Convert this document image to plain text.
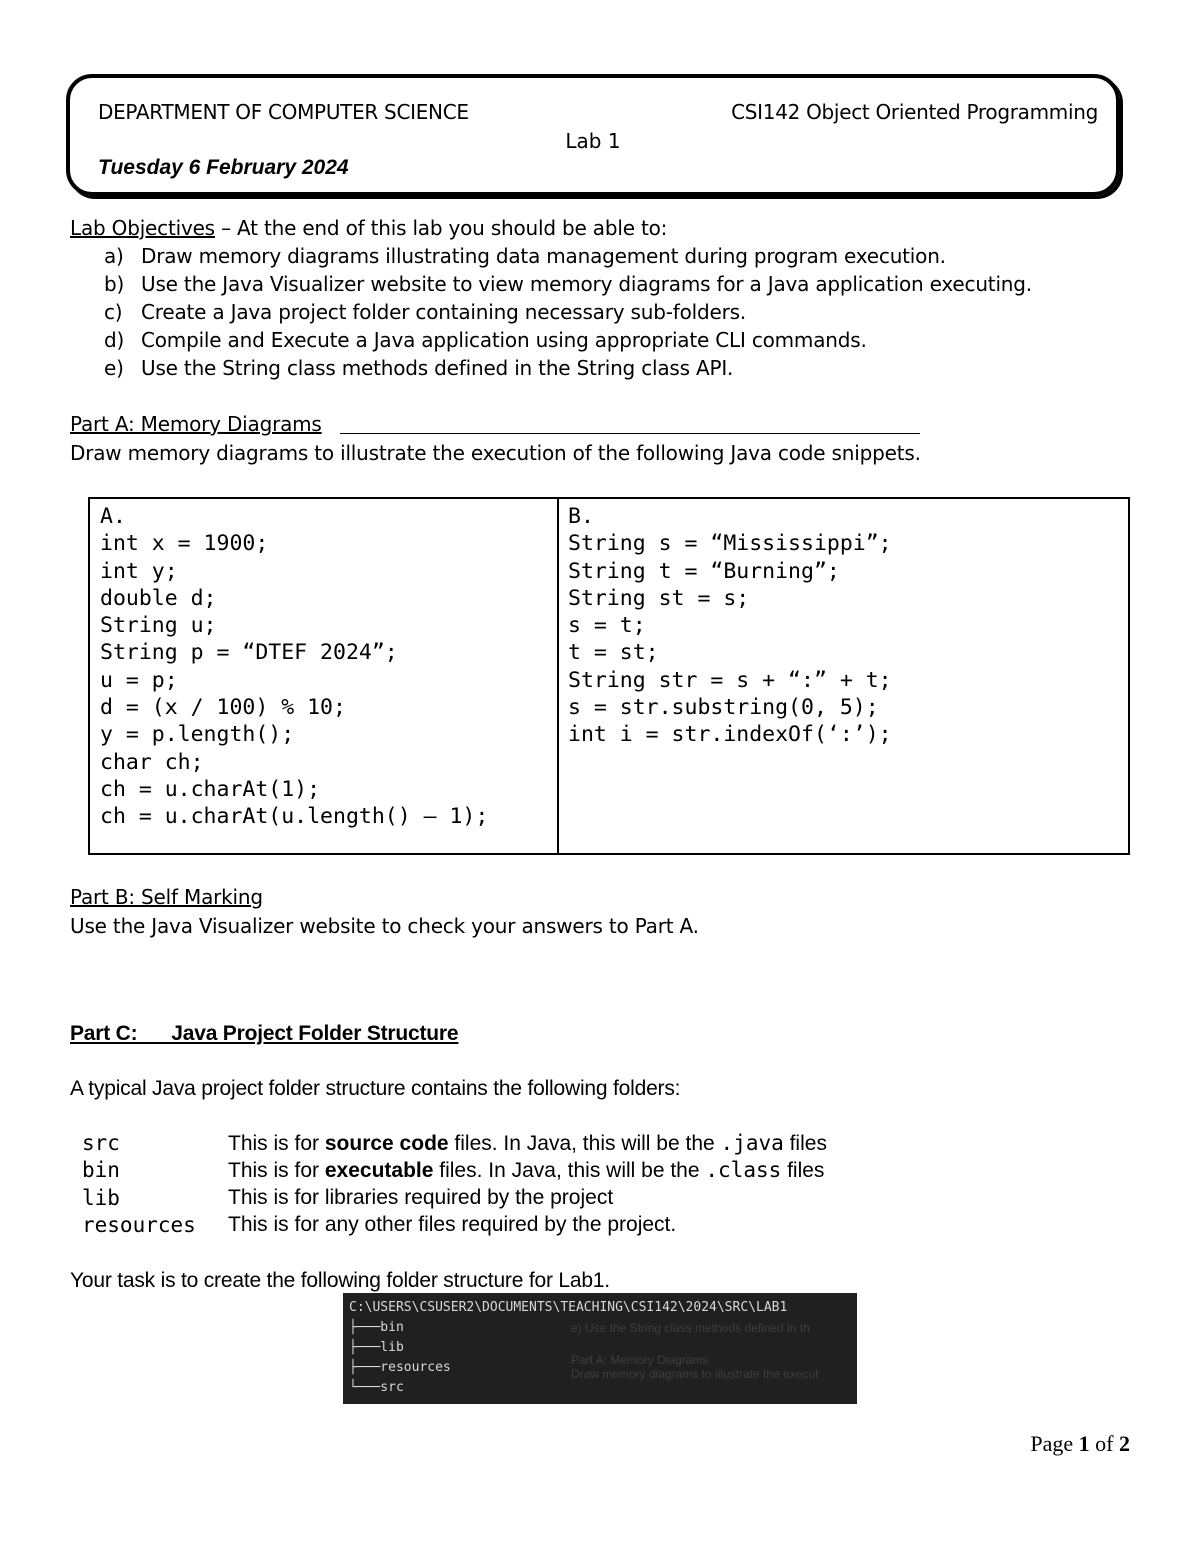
DEPARTMENT OF COMPUTER SCIENCE	CSI142 Object Oriented Programming
Lab 1
Tuesday 6 February 2024
Lab Objectives – At the end of this lab you should be able to:
a) Draw memory diagrams illustrating data management during program execution.
b) Use the Java Visualizer website to view memory diagrams for a Java application executing.
c) Create a Java project folder containing necessary sub-folders.
d) Compile and Execute a Java application using appropriate CLI commands.
e) Use the String class methods defined in the String class API.
Part A: Memory Diagrams
Draw memory diagrams to illustrate the execution of the following Java code snippets.
A.
int x = 1900;
int y;
double d;
String u;
String p = “DTEF 2024”;
u = p;
d = (x / 100) % 10;
y = p.length();
char ch;
ch = u.charAt(1);
ch = u.charAt(u.length() – 1);
B.
String s = “Mississippi”;
String t = “Burning”;
String st = s;
s = t;
t = st;
String str = s + “:” + t;
s = str.substring(0, 5);
int i = str.indexOf(‘:’);
Part B: Self Marking
Use the Java Visualizer website to check your answers to Part A.
Part C:      Java Project Folder Structure
A typical Java project folder structure contains the following folders:
src	This is for source code files. In Java, this will be the .java files
bin	This is for executable files. In Java, this will be the .class files
lib	This is for libraries required by the project
resources This is for any other files required by the project.
Your task is to create the following folder structure for Lab1.
e) Use the String class methods defined in th
Part A: Memory Diagrams
Draw memory diagrams to illustrate the execut
C:\USERS\CSUSER2\DOCUMENTS\TEACHING\CSI142\2024\SRC\LAB1
├───bin
├───lib
├───resources
└───src
Page 1 of 2
